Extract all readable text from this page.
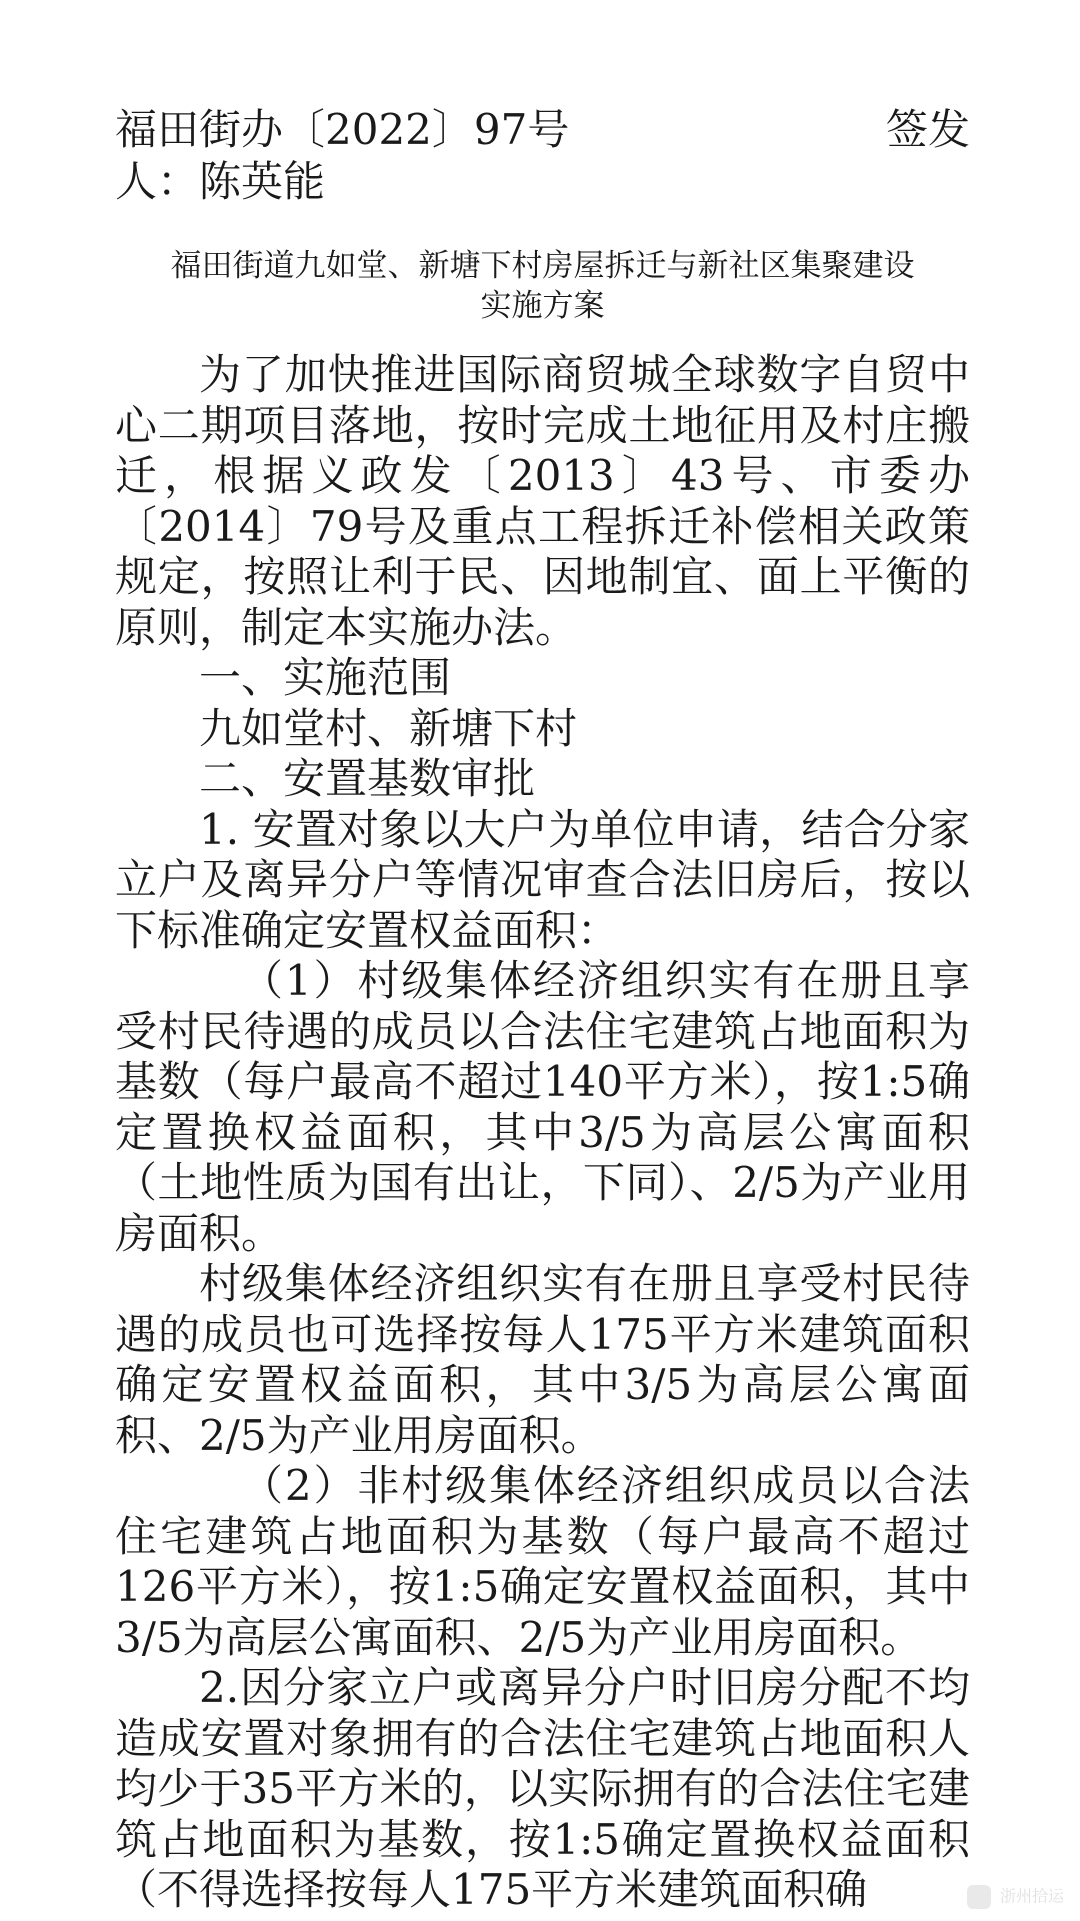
福田街办〔2022〕97号	签发
人：陈英能
福田街道九如堂、新塘下村房屋拆迁与新社区集聚建设
实施方案

为了加快推进国际商贸城全球数字自贸中心二期项目落地，按时完成土地征用及村庄搬迁，根据义政发〔2013〕43号、市委办〔2014〕79号及重点工程拆迁补偿相关政策规定，按照让利于民、因地制宜、面上平衡的原则，制定本实施办法。

一、实施范围

九如堂村、新塘下村

二、安置基数审批

1. 安置对象以大户为单位申请，结合分家立户及离异分户等情况审查合法旧房后，按以下标准确定安置权益面积：

（1）村级集体经济组织实有在册且享受村民待遇的成员以合法住宅建筑占地面积为基数（每户最高不超过140平方米），按1:5确定置换权益面积，其中3/5为高层公寓面积（土地性质为国有出让，下同）、2/5为产业用房面积。

村级集体经济组织实有在册且享受村民待遇的成员也可选择按每人175平方米建筑面积确定安置权益面积，其中3/5为高层公寓面积、2/5为产业用房面积。

（2）非村级集体经济组织成员以合法住宅建筑占地面积为基数（每户最高不超过126平方米），按1:5确定安置权益面积，其中3/5为高层公寓面积、2/5为产业用房面积。

2.因分家立户或离异分户时旧房分配不均造成安置对象拥有的合法住宅建筑占地面积人均少于35平方米的，以实际拥有的合法住宅建筑占地面积为基数，按1:5确定置换权益面积（不得选择按每人175平方米建筑面积确	浙州拾运
